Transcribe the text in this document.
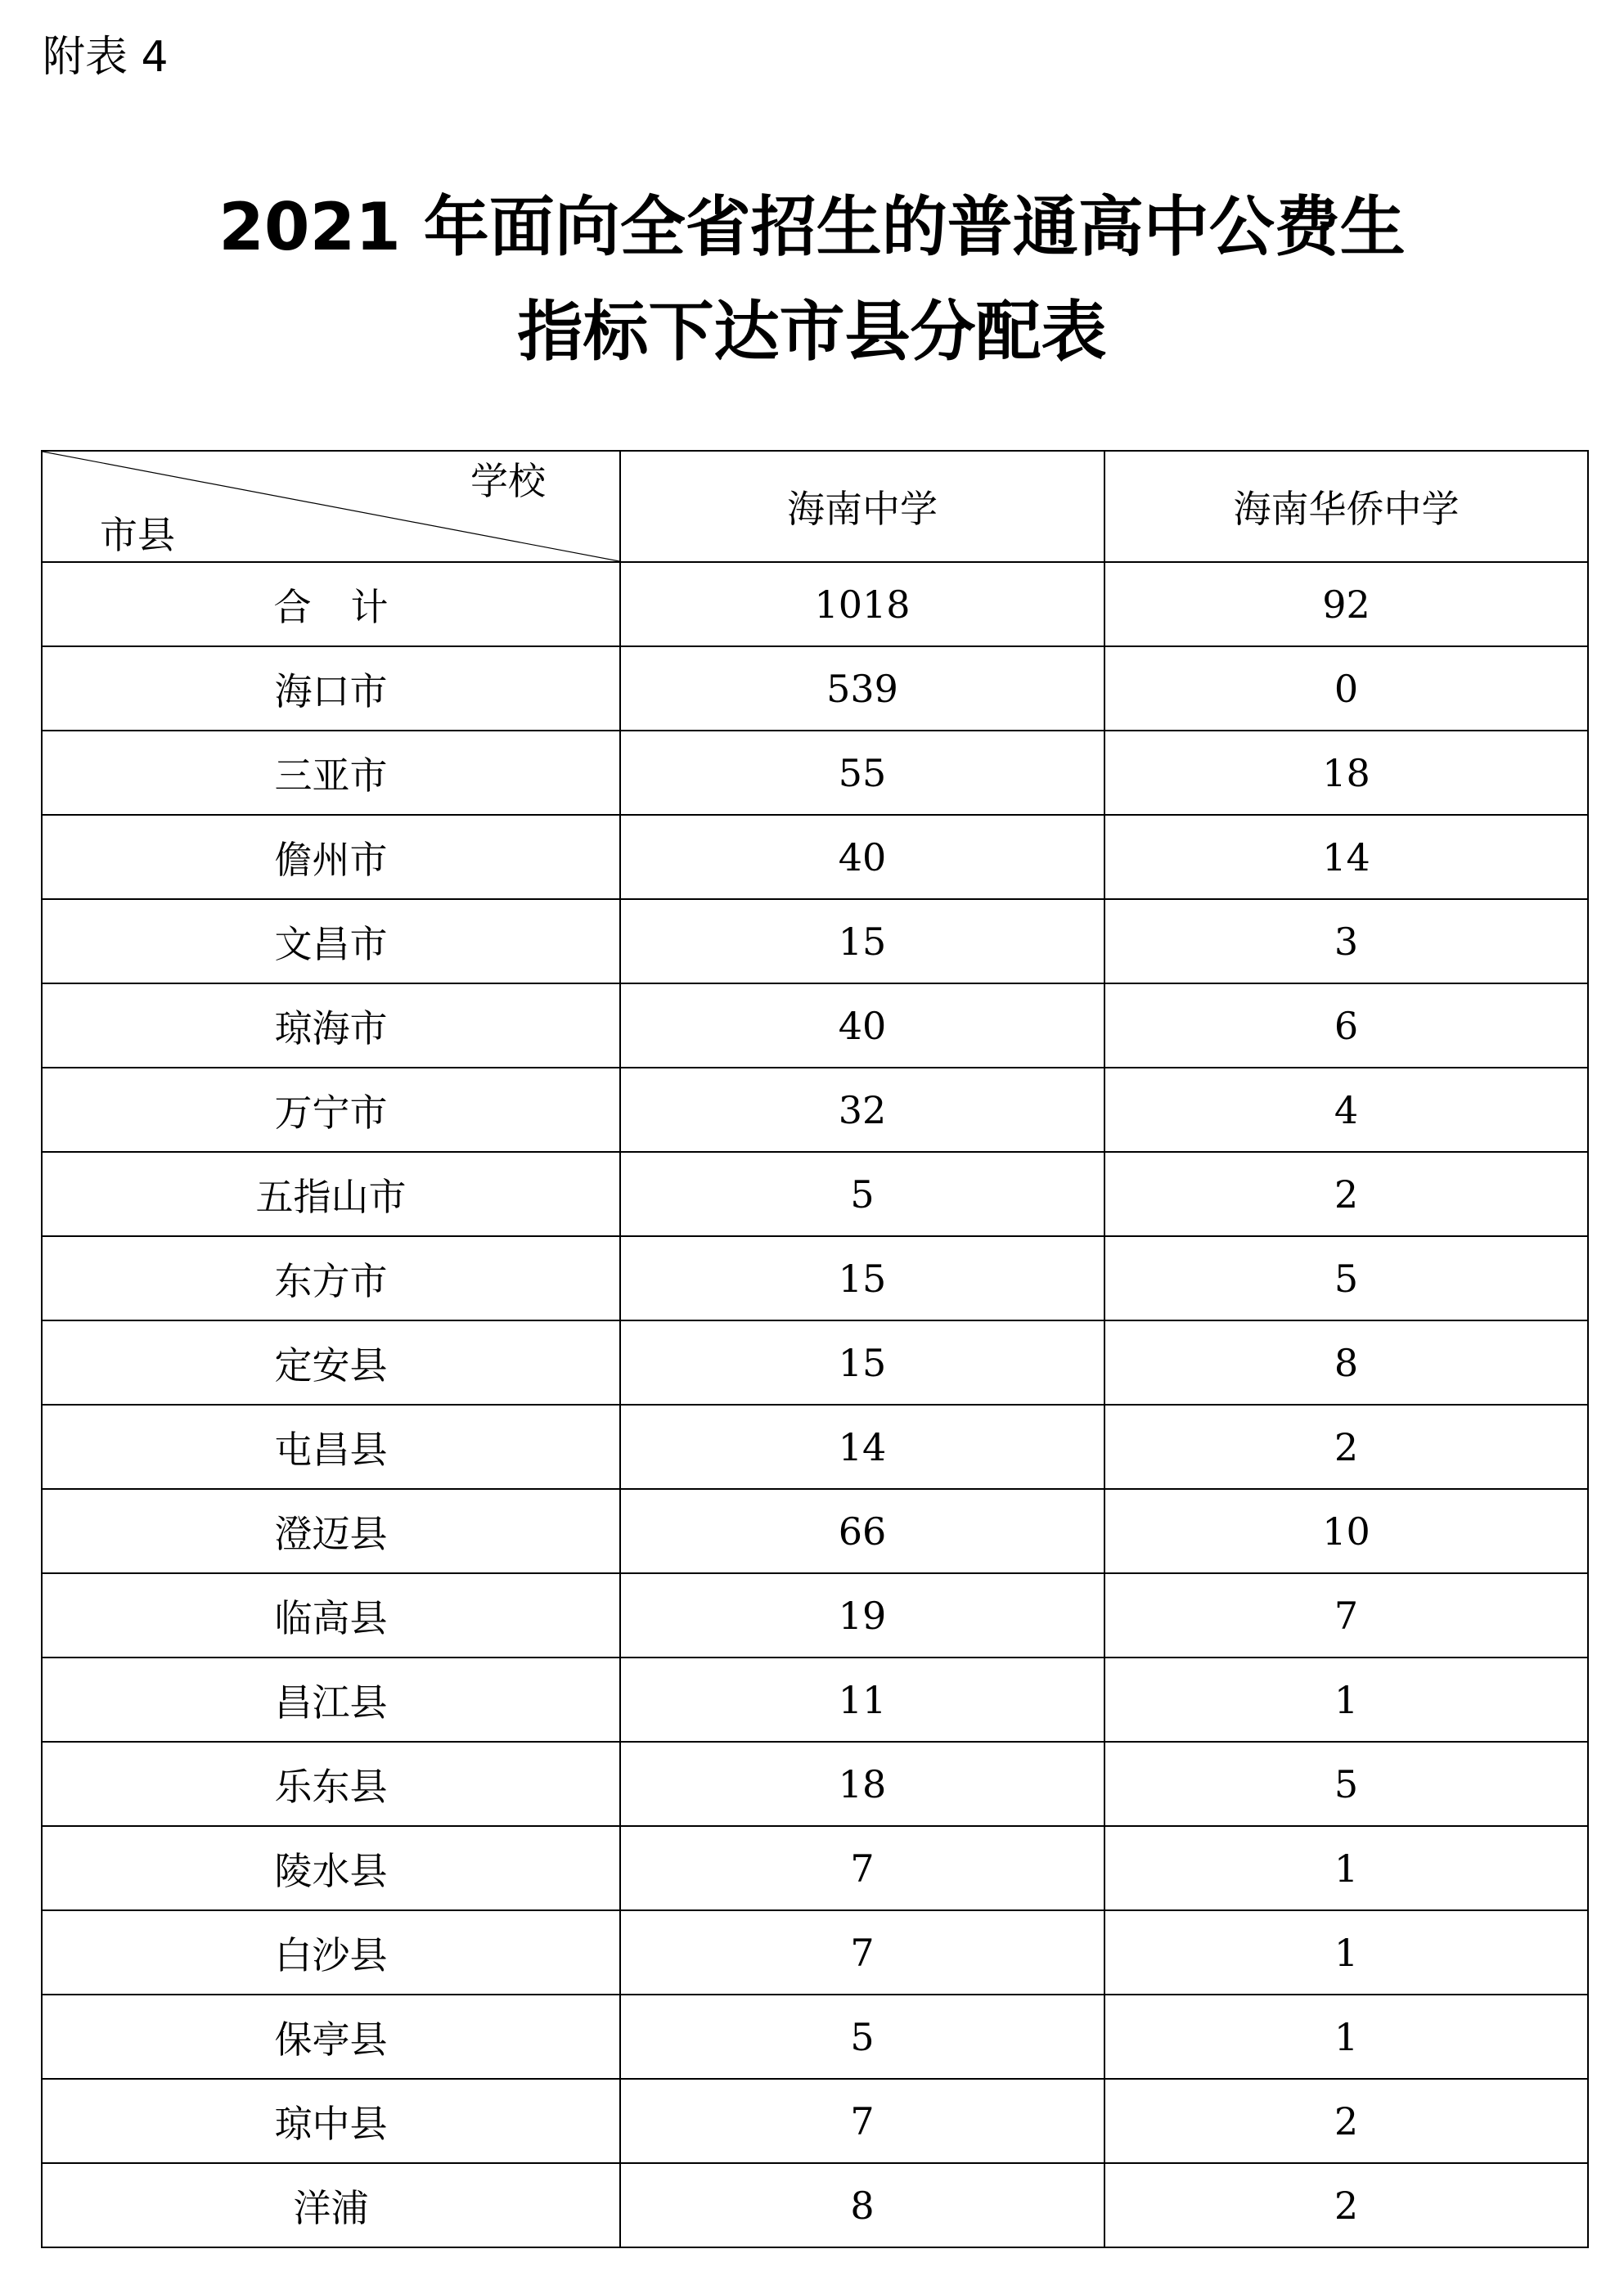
附表 4
2021 年面向全省招生的普通高中公费生
指标下达市县分配表
学校
市县	海南中学	海南华侨中学
合计	1018	92
海口市	539	0
三亚市	55	18
儋州市	40	14
文昌市	15	3
琼海市	40	6
万宁市	32	4
五指山市	5	2
东方市	15	5
定安县	15	8
屯昌县	14	2
澄迈县	66	10
临高县	19	7
昌江县	11	1
乐东县	18	5
陵水县	7	1
白沙县	7	1
保亭县	5	1
琼中县	7	2
洋浦	8	2
